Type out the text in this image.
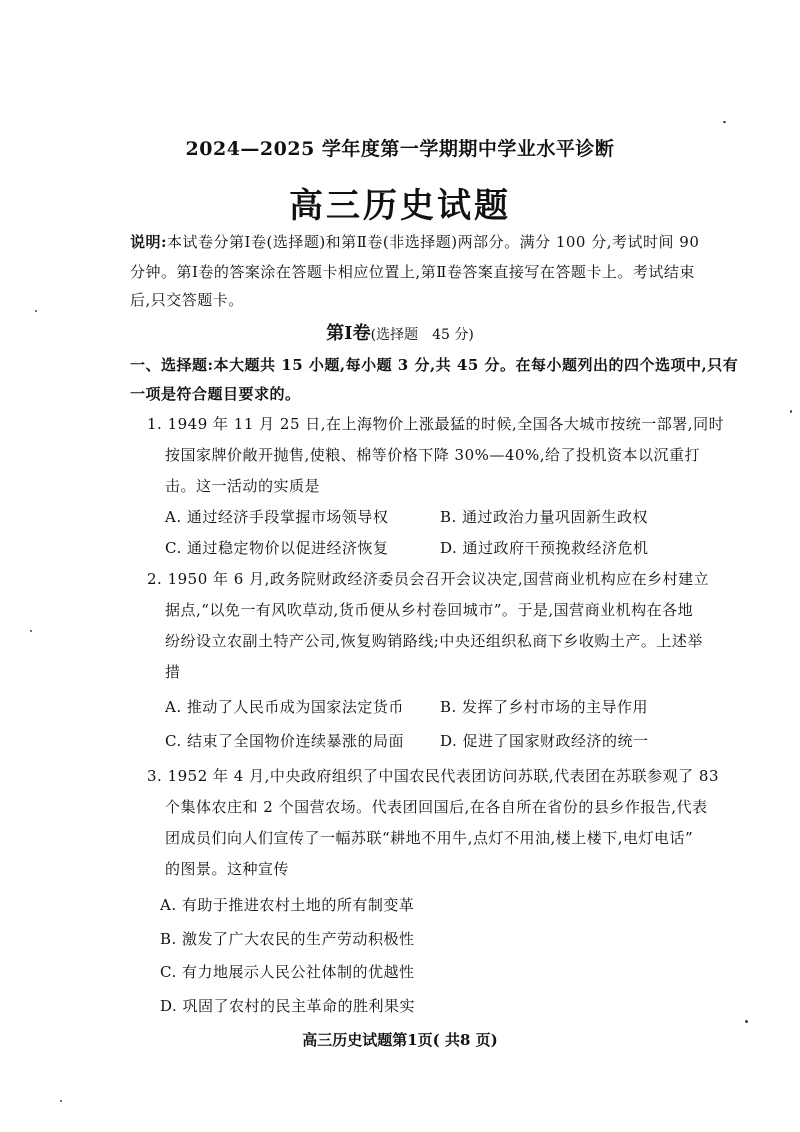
2024—2025 学年度第一学期期中学业水平诊断
高三历史试题
说明:本试卷分第Ⅰ卷(选择题)和第Ⅱ卷(非选择题)两部分。满分 100 分,考试时间 90
分钟。第Ⅰ卷的答案涂在答题卡相应位置上,第Ⅱ卷答案直接写在答题卡上。考试结束
后,只交答题卡。
第Ⅰ卷(选择题　45 分)
一、选择题:本大题共 15 小题,每小题 3 分,共 45 分。在每小题列出的四个选项中,只有
一项是符合题目要求的。
1. 1949 年 11 月 25 日,在上海物价上涨最猛的时候,全国各大城市按统一部署,同时
按国家牌价敞开抛售,使粮、棉等价格下降 30%—40%,给了投机资本以沉重打
击。这一活动的实质是
A. 通过经济手段掌握市场领导权	B. 通过政治力量巩固新生政权
C. 通过稳定物价以促进经济恢复	D. 通过政府干预挽救经济危机
2. 1950 年 6 月,政务院财政经济委员会召开会议决定,国营商业机构应在乡村建立
据点,“以免一有风吹草动,货币便从乡村卷回城市”。于是,国营商业机构在各地
纷纷设立农副土特产公司,恢复购销路线;中央还组织私商下乡收购土产。上述举
措
A. 推动了人民币成为国家法定货币 B. 发挥了乡村市场的主导作用
C. 结束了全国物价连续暴涨的局面 D. 促进了国家财政经济的统一
3. 1952 年 4 月,中央政府组织了中国农民代表团访问苏联,代表团在苏联参观了 83
个集体农庄和 2 个国营农场。代表团回国后,在各自所在省份的县乡作报告,代表
团成员们向人们宣传了一幅苏联“耕地不用牛,点灯不用油,楼上楼下,电灯电话”
的图景。这种宣传
A. 有助于推进农村土地的所有制变革
B. 激发了广大农民的生产劳动积极性
C. 有力地展示人民公社体制的优越性
D. 巩固了农村的民主革命的胜利果实
高三历史试题第1页( 共8 页)
